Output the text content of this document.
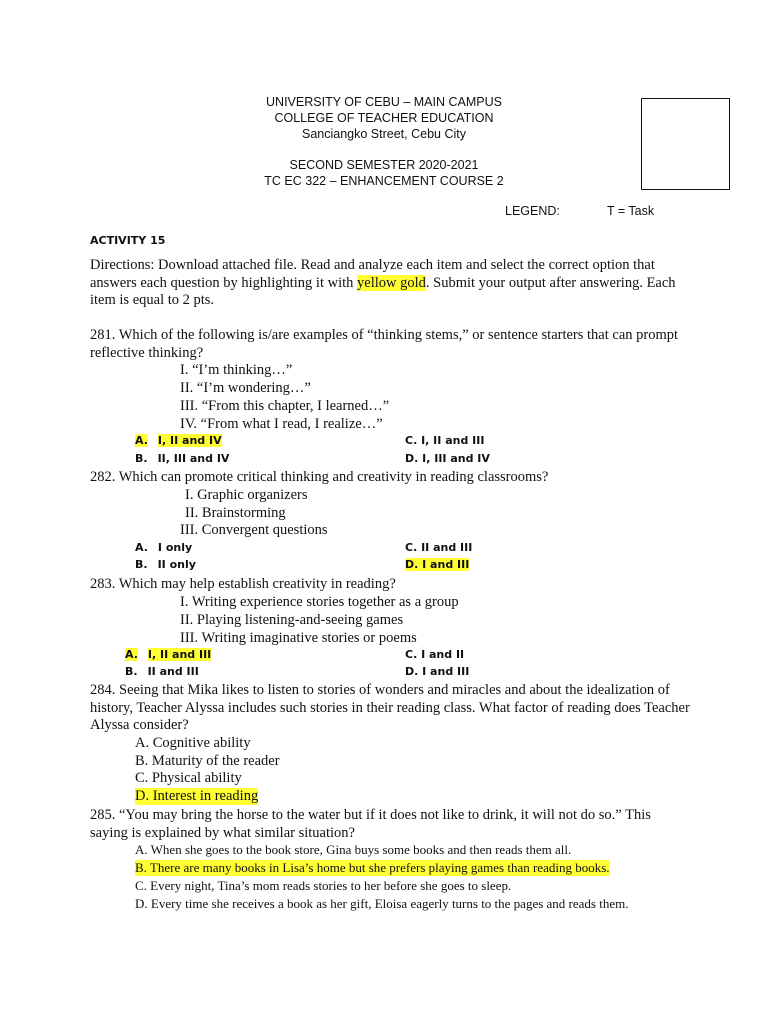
UNIVERSITY OF CEBU – MAIN CAMPUS
COLLEGE OF TEACHER EDUCATION
Sanciangko Street, Cebu City
SECOND SEMESTER 2020-2021
TC EC 322 – ENHANCEMENT COURSE 2
LEGEND:	T = Task
ACTIVITY 15
Directions: Download attached file. Read and analyze each item and select the correct option that answers each question by highlighting it with yellow gold. Submit your output after answering. Each item is equal to 2 pts.
281. Which of the following is/are examples of “thinking stems,” or sentence starters that can prompt reflective thinking?
I. “I’m thinking…”
II. “I’m wondering…”
III. “From this chapter, I learned…”
IV. “From what I read, I realize…”
A. I, II and IV
B. II, III and IV
C. I, II and III
D. I, III and IV
282. Which can promote critical thinking and creativity in reading classrooms?
I. Graphic organizers
II. Brainstorming
III. Convergent questions
A. I only
B. II only
C. II and III
D. I and III
283. Which may help establish creativity in reading?
I. Writing experience stories together as a group
II. Playing listening-and-seeing games
III. Writing imaginative stories or poems
A. I, II and III
B. II and III
C. I and II
D. I and III
284. Seeing that Mika likes to listen to stories of wonders and miracles and about the idealization of history, Teacher Alyssa includes such stories in their reading class. What factor of reading does Teacher Alyssa consider?
A. Cognitive ability
B. Maturity of the reader
C. Physical ability
D. Interest in reading
285. “You may bring the horse to the water but if it does not like to drink, it will not do so.” This saying is explained by what similar situation?
A. When she goes to the book store, Gina buys some books and then reads them all.
B. There are many books in Lisa’s home but she prefers playing games than reading books.
C. Every night, Tina’s mom reads stories to her before she goes to sleep.
D. Every time she receives a book as her gift, Eloisa eagerly turns to the pages and reads them.
